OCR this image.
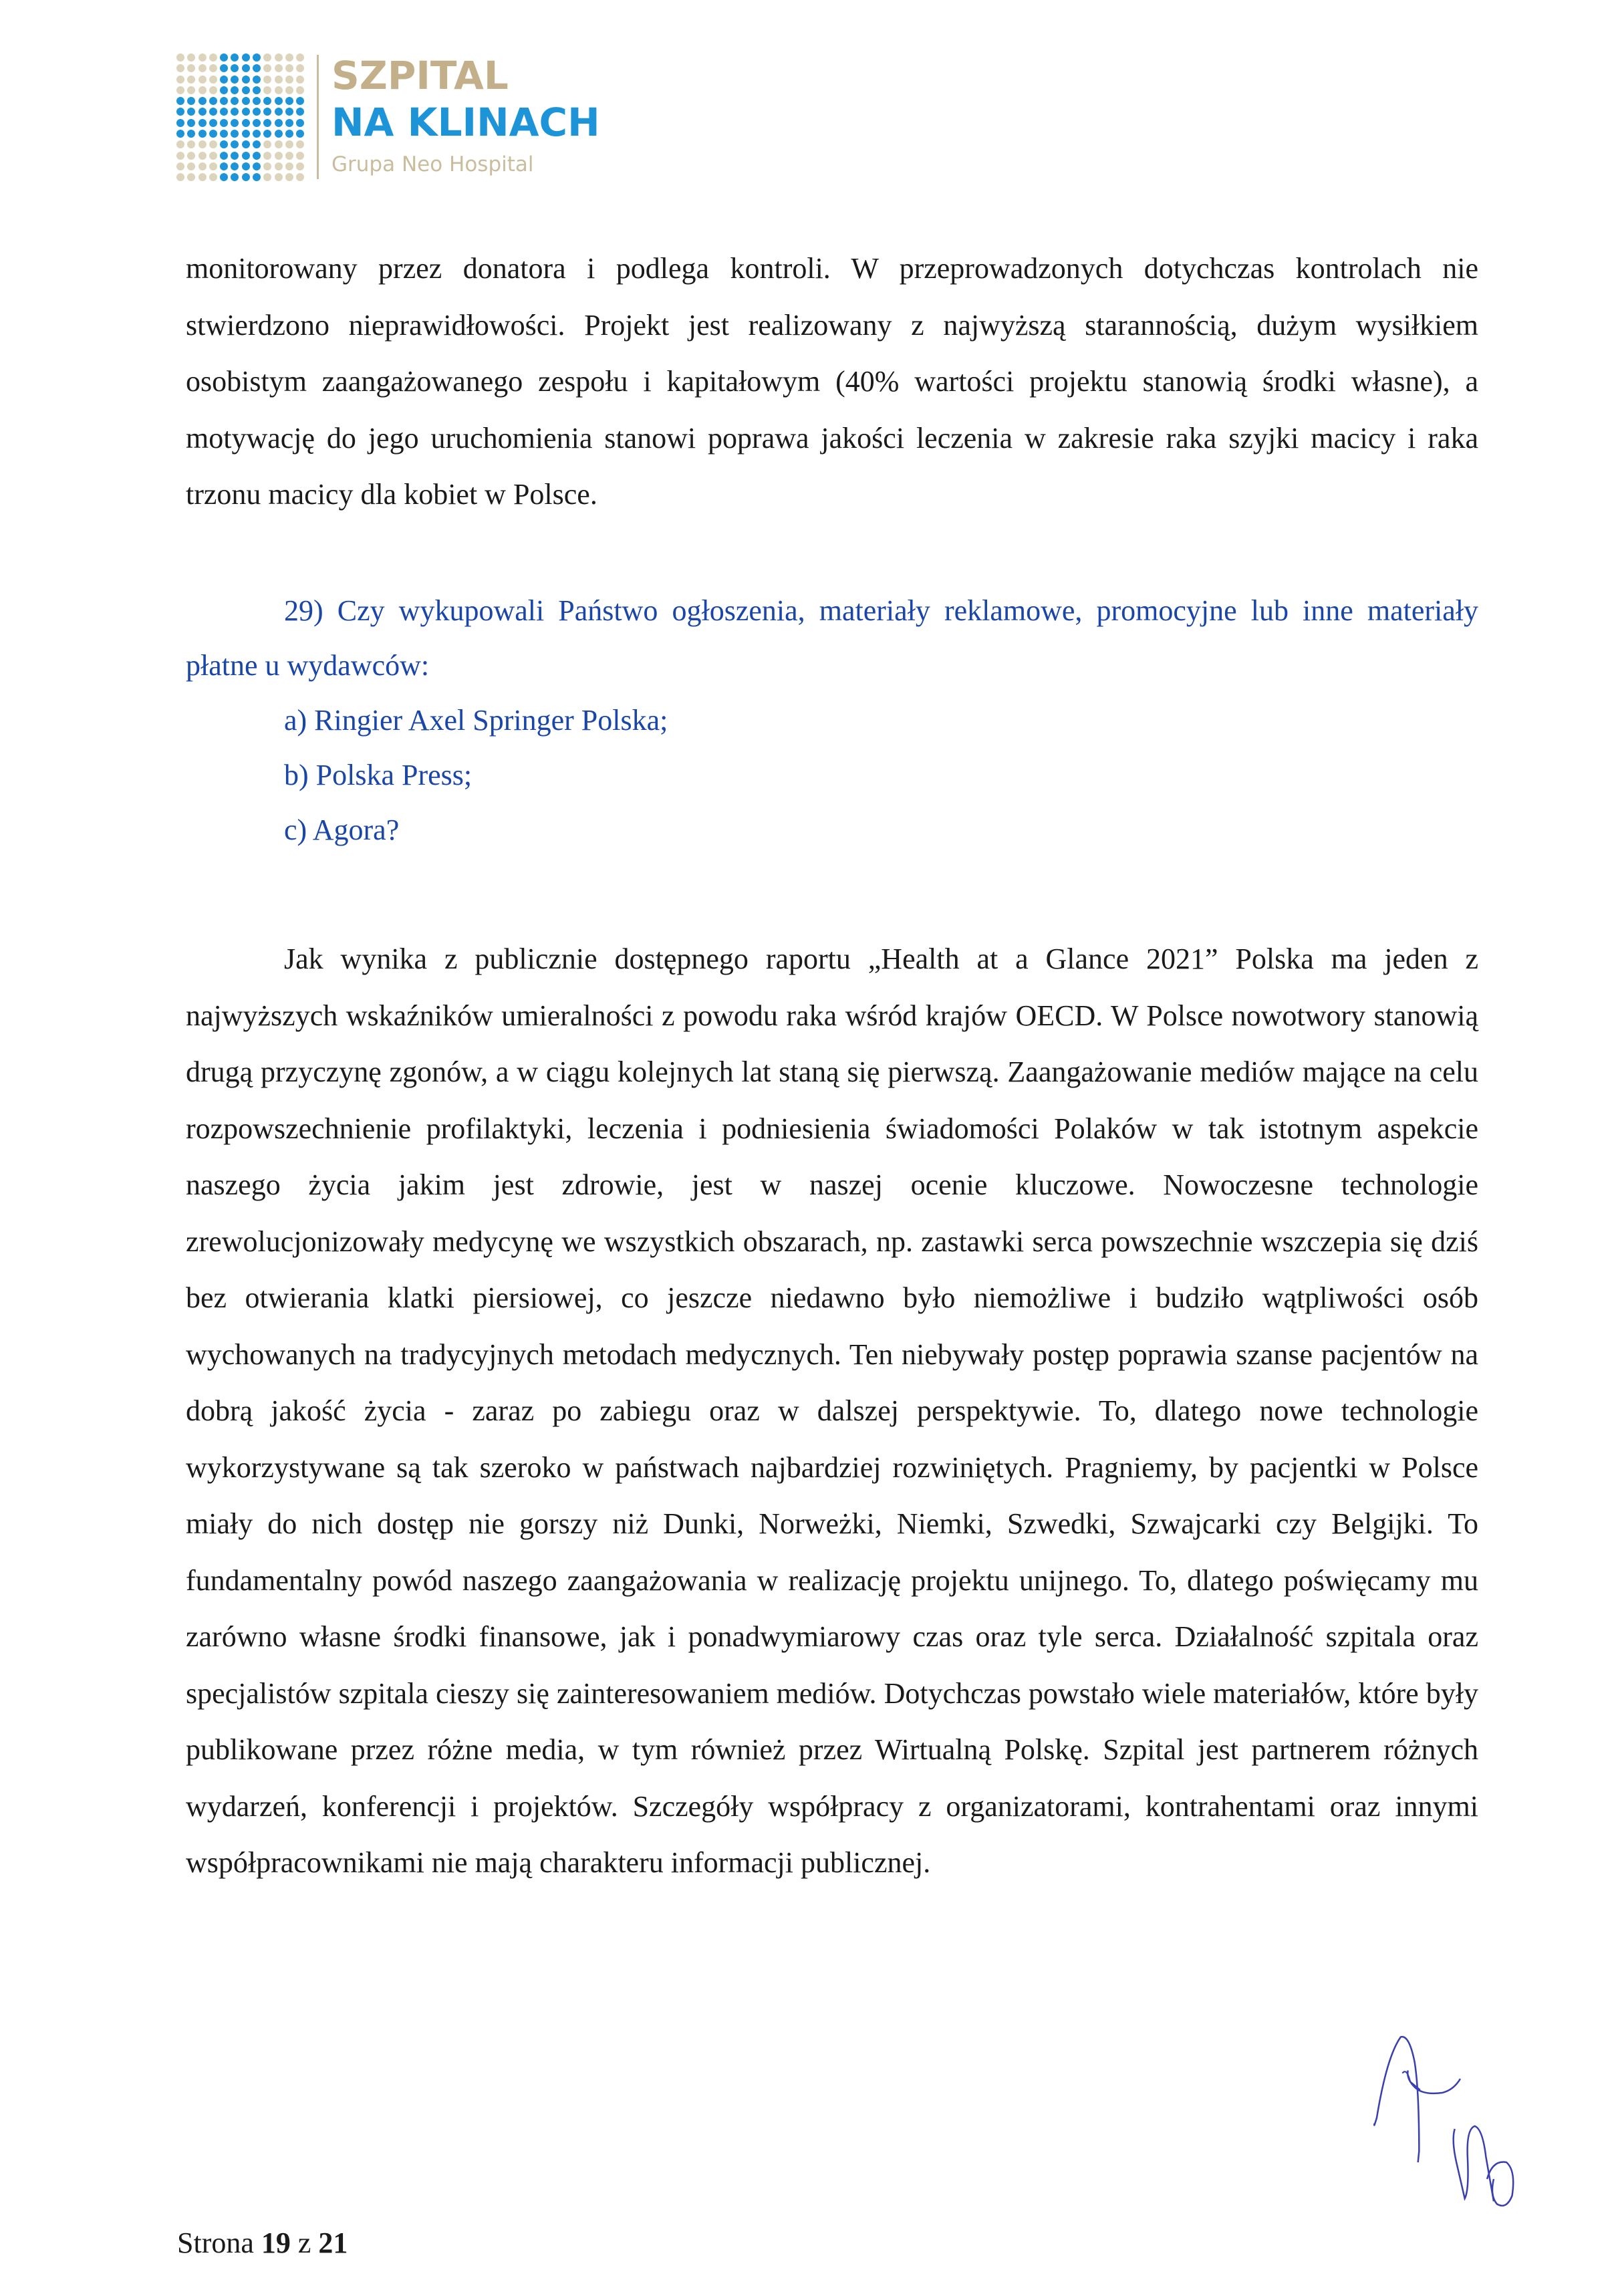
SZPITAL
NA KLINACH
Grupa Neo Hospital
monitorowany przez donatora i podlega kontroli. W przeprowadzonych dotychczas kontrolach nie stwierdzono nieprawidłowości. Projekt jest realizowany z najwyższą starannością, dużym wysiłkiem osobistym zaangażowanego zespołu i kapitałowym (40% wartości projektu stanowią środki własne), a motywację do jego uruchomienia stanowi poprawa jakości leczenia w zakresie raka szyjki macicy i raka trzonu macicy dla kobiet w Polsce.
29) Czy wykupowali Państwo ogłoszenia, materiały reklamowe, promocyjne lub inne materiały płatne u wydawców:
a) Ringier Axel Springer Polska;
b) Polska Press;
c) Agora?
Jak wynika z publicznie dostępnego raportu „Health at a Glance 2021” Polska ma jeden z najwyższych wskaźników umieralności z powodu raka wśród krajów OECD. W Polsce nowotwory stanowią drugą przyczynę zgonów, a w ciągu kolejnych lat staną się pierwszą. Zaangażowanie mediów mające na celu rozpowszechnienie profilaktyki, leczenia i podniesienia świadomości Polaków w tak istotnym aspekcie naszego życia jakim jest zdrowie, jest w naszej ocenie kluczowe. Nowoczesne technologie zrewolucjonizowały medycynę we wszystkich obszarach, np. zastawki serca powszechnie wszczepia się dziś bez otwierania klatki piersiowej, co jeszcze niedawno było niemożliwe i budziło wątpliwości osób wychowanych na tradycyjnych metodach medycznych. Ten niebywały postęp poprawia szanse pacjentów na dobrą jakość życia - zaraz po zabiegu oraz w dalszej perspektywie. To, dlatego nowe technologie wykorzystywane są tak szeroko w państwach najbardziej rozwiniętych. Pragniemy, by pacjentki w Polsce miały do nich dostęp nie gorszy niż Dunki, Norweżki, Niemki, Szwedki, Szwajcarki czy Belgijki. To fundamentalny powód naszego zaangażowania w realizację projektu unijnego. To, dlatego poświęcamy mu zarówno własne środki finansowe, jak i ponadwymiarowy czas oraz tyle serca. Działalność szpitala oraz specjalistów szpitala cieszy się zainteresowaniem mediów. Dotychczas powstało wiele materiałów, które były publikowane przez różne media, w tym również przez Wirtualną Polskę. Szpital jest partnerem różnych wydarzeń, konferencji i projektów. Szczegóły współpracy z organizatorami, kontrahentami oraz innymi współpracownikami nie mają charakteru informacji publicznej.
Strona 19 z 21
